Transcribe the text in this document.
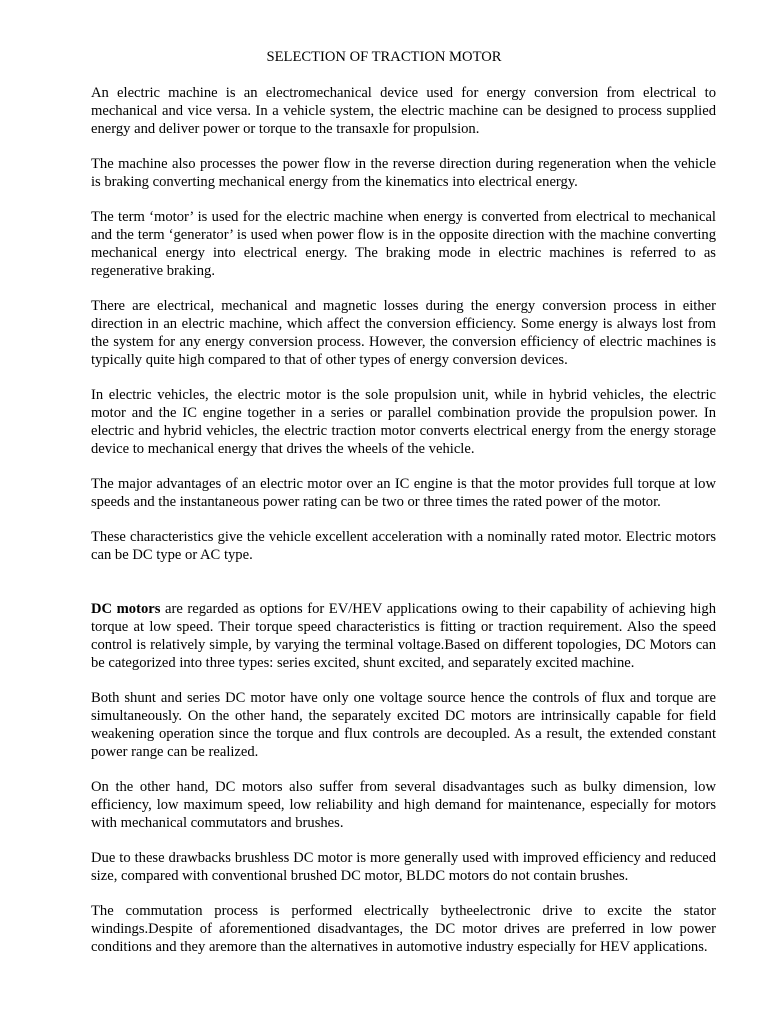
SELECTION OF TRACTION MOTOR

An electric machine is an electromechanical device used for energy conversion from electrical to mechanical and vice versa. In a vehicle system, the electric machine can be designed to process supplied energy and deliver power or torque to the transaxle for propulsion.

The machine also processes the power flow in the reverse direction during regeneration when the vehicle is braking converting mechanical energy from the kinematics into electrical energy.

The term ‘motor’ is used for the electric machine when energy is converted from electrical to mechanical and the term ‘generator’ is used when power flow is in the opposite direction with the machine converting mechanical energy into electrical energy. The braking mode in electric machines is referred to as regenerative braking.

There are electrical, mechanical and magnetic losses during the energy conversion process in either direction in an electric machine, which affect the conversion efficiency. Some energy is always lost from the system for any energy conversion process. However, the conversion efficiency of electric machines is typically quite high compared to that of other types of energy conversion devices.

In electric vehicles, the electric motor is the sole propulsion unit, while in hybrid vehicles, the electric motor and the IC engine together in a series or parallel combination provide the propulsion power. In electric and hybrid vehicles, the electric traction motor converts electrical energy from the energy storage device to mechanical energy that drives the wheels of the vehicle.

The major advantages of an electric motor over an IC engine is that the motor provides full torque at low speeds and the instantaneous power rating can be two or three times the rated power of the motor.

These characteristics give the vehicle excellent acceleration with a nominally rated motor. Electric motors can be DC type or AC type.

DC motors are regarded as options for EV/HEV applications owing to their capability of achieving high torque at low speed. Their torque speed characteristics is fitting or traction requirement. Also the speed control is relatively simple, by varying the terminal voltage.Based on different topologies, DC Motors can be categorized into three types: series excited, shunt excited, and separately excited machine.

Both shunt and series DC motor have only one voltage source hence the controls of flux and torque are simultaneously. On the other hand, the separately excited DC motors are intrinsically capable for field weakening operation since the torque and flux controls are decoupled. As a result, the extended constant power range can be realized.

On the other hand, DC motors also suffer from several disadvantages such as bulky dimension, low efficiency, low maximum speed, low reliability and high demand for maintenance, especially for motors with mechanical commutators and brushes.

Due to these drawbacks brushless DC motor is more generally used with improved efficiency and reduced size, compared with conventional brushed DC motor, BLDC motors do not contain brushes.

The commutation process is performed electrically bytheelectronic drive to excite the stator windings.Despite of aforementioned disadvantages, the DC motor drives are preferred in low power conditions and they aremore than the alternatives in automotive industry especially for HEV applications.
